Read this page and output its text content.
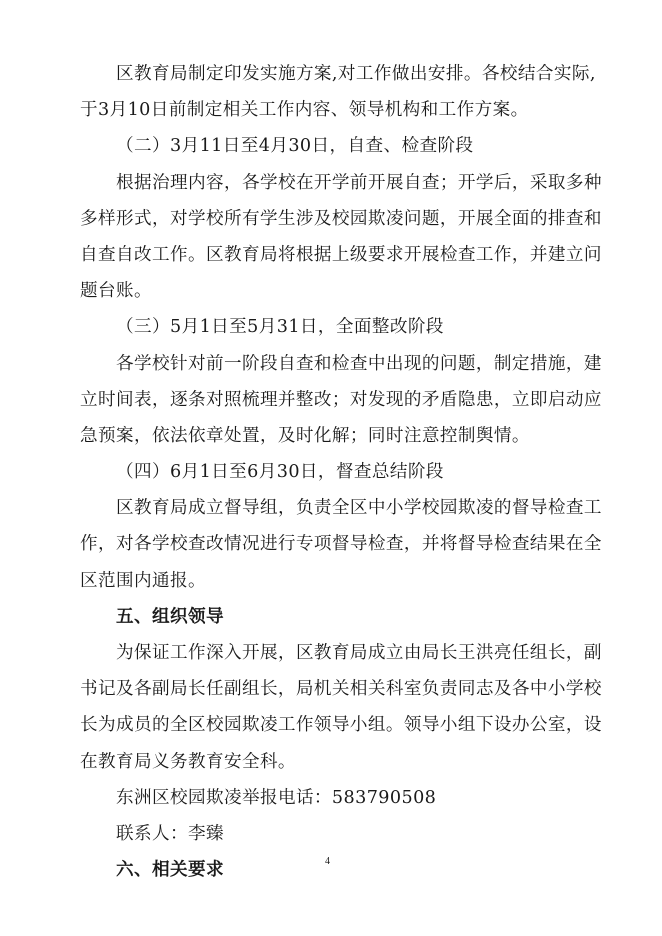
区教育局制定印发实施方案,对工作做出安排。各校结合实际,
于3月10日前制定相关工作内容、领导机构和工作方案。
（二）3月11日至4月30日，自查、检查阶段
根据治理内容，各学校在开学前开展自查；开学后，采取多种
多样形式，对学校所有学生涉及校园欺凌问题，开展全面的排查和
自查自改工作。区教育局将根据上级要求开展检查工作，并建立问
题台账。
（三）5月1日至5月31日，全面整改阶段
各学校针对前一阶段自查和检查中出现的问题，制定措施，建
立时间表，逐条对照梳理并整改；对发现的矛盾隐患，立即启动应
急预案，依法依章处置，及时化解；同时注意控制舆情。
（四）6月1日至6月30日，督查总结阶段
区教育局成立督导组，负责全区中小学校园欺凌的督导检查工
作，对各学校查改情况进行专项督导检查，并将督导检查结果在全
区范围内通报。
五、组织领导
为保证工作深入开展，区教育局成立由局长王洪亮任组长，副
书记及各副局长任副组长，局机关相关科室负责同志及各中小学校
长为成员的全区校园欺凌工作领导小组。领导小组下设办公室，设
在教育局义务教育安全科。
东洲区校园欺凌举报电话：583790508
联系人：李臻
六、相关要求	4
